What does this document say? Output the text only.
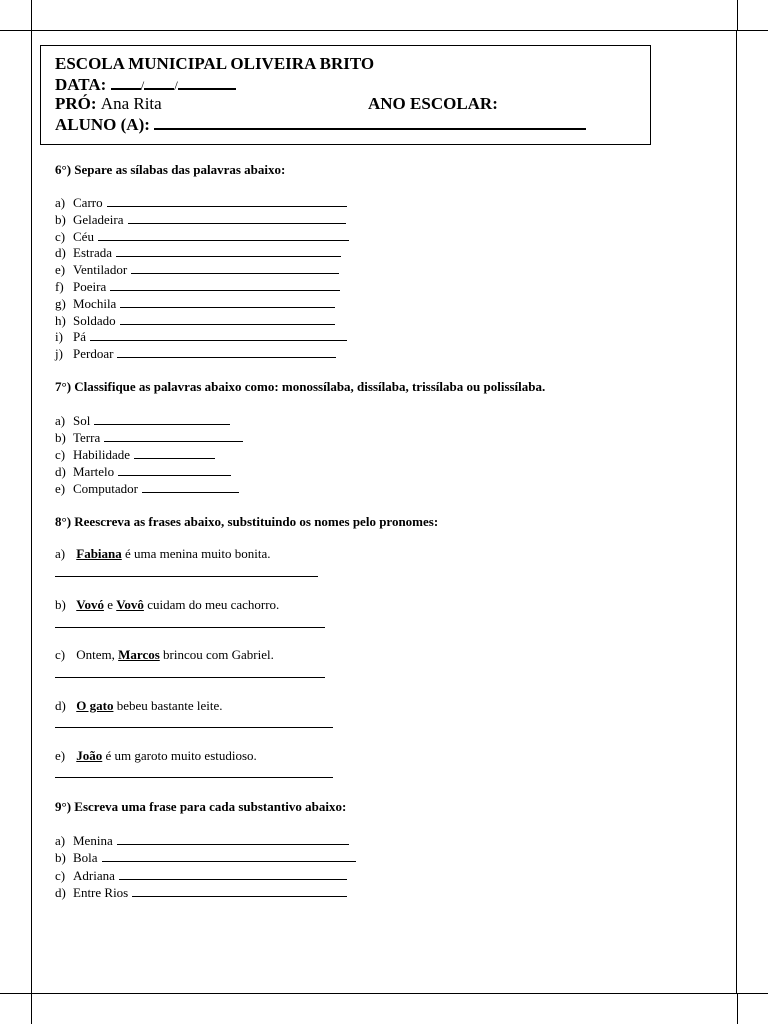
ESCOLA MUNICIPAL OLIVEIRA BRITO
DATA:	/ /
PRÓ: Ana Rita	ANO ESCOLAR:
ALUNO (A):
6°) Separe as sílabas das palavras abaixo:
a) Carro
b) Geladeira
c) Céu
d) Estrada
e) Ventilador
f) Poeira
g) Mochila
h) Soldado
i) Pá
j) Perdoar
7°) Classifique as palavras abaixo como: monossílaba, dissílaba, trissílaba ou polissílaba.
a) Sol
b) Terra
c) Habilidade
d) Martelo
e) Computador
8°) Reescreva as frases abaixo, substituindo os nomes pelo pronomes:
a) Fabiana é uma menina muito bonita.
b) Vovó e Vovô cuidam do meu cachorro.
c) Ontem, Marcos brincou com Gabriel.
d) O gato bebeu bastante leite.
e) João é um garoto muito estudioso.
9°) Escreva uma frase para cada substantivo abaixo:
a) Menina
b) Bola
c) Adriana
d) Entre Rios
